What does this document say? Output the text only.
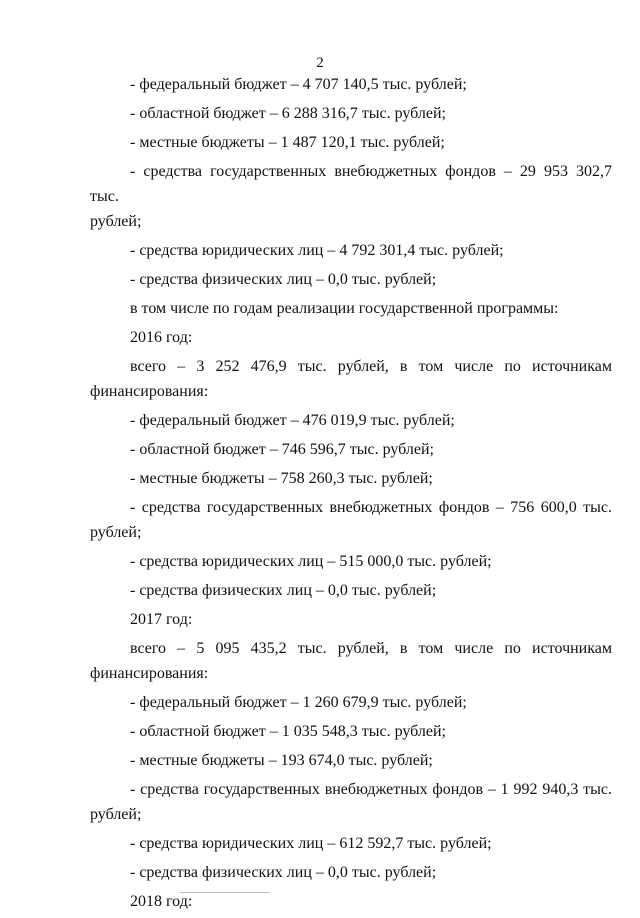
2

- федеральный бюджет – 4 707 140,5 тыс. рублей;

- областной бюджет – 6 288 316,7 тыс. рублей;

- местные бюджеты – 1 487 120,1 тыс. рублей;

- средства государственных внебюджетных фондов – 29 953 302,7 тыс.
рублей;

- средства юридических лиц – 4 792 301,4 тыс. рублей;

- средства физических лиц – 0,0 тыс. рублей;

в том числе по годам реализации государственной программы:

2016 год:

всего – 3 252 476,9 тыс. рублей, в том числе по источникам
финансирования:

- федеральный бюджет – 476 019,9 тыс. рублей;

- областной бюджет – 746 596,7 тыс. рублей;

- местные бюджеты – 758 260,3 тыс. рублей;

- средства государственных внебюджетных фондов – 756 600,0 тыс.
рублей;

- средства юридических лиц – 515 000,0 тыс. рублей;

- средства физических лиц – 0,0 тыс. рублей;

2017 год:

всего – 5 095 435,2 тыс. рублей, в том числе по источникам
финансирования:

- федеральный бюджет – 1 260 679,9 тыс. рублей;

- областной бюджет – 1 035 548,3 тыс. рублей;

- местные бюджеты – 193 674,0 тыс. рублей;

- средства государственных внебюджетных фондов – 1 992 940,3 тыс.
рублей;

- средства юридических лиц – 612 592,7 тыс. рублей;

- средства физических лиц – 0,0 тыс. рублей;

2018 год:
